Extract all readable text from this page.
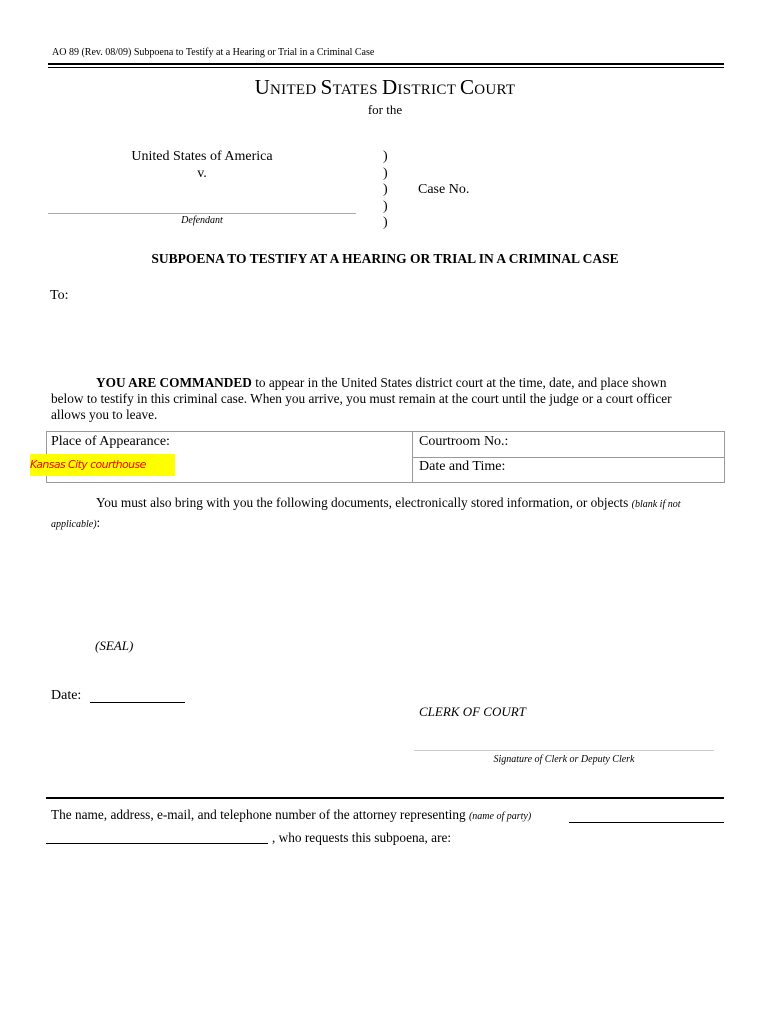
AO 89 (Rev. 08/09) Subpoena to Testify at a Hearing or Trial in a Criminal Case
UNITED STATES DISTRICT COURT
for the
United States of America
v.
Defendant
)
)
)
)
)
Case No.
SUBPOENA TO TESTIFY AT A HEARING OR TRIAL IN A CRIMINAL CASE
To:
YOU ARE COMMANDED to appear in the United States district court at the time, date, and place shown
below to testify in this criminal case. When you arrive, you must remain at the court until the judge or a court officer
allows you to leave.
Place of Appearance:	Courtroom No.:
Date and Time:
Kansas City courthouse
You must also bring with you the following documents, electronically stored information, or objects (blank if not
applicable):
(SEAL)
Date:
CLERK OF COURT
Signature of Clerk or Deputy Clerk
The name, address, e-mail, and telephone number of the attorney representing (name of party)
, who requests this subpoena, are:
